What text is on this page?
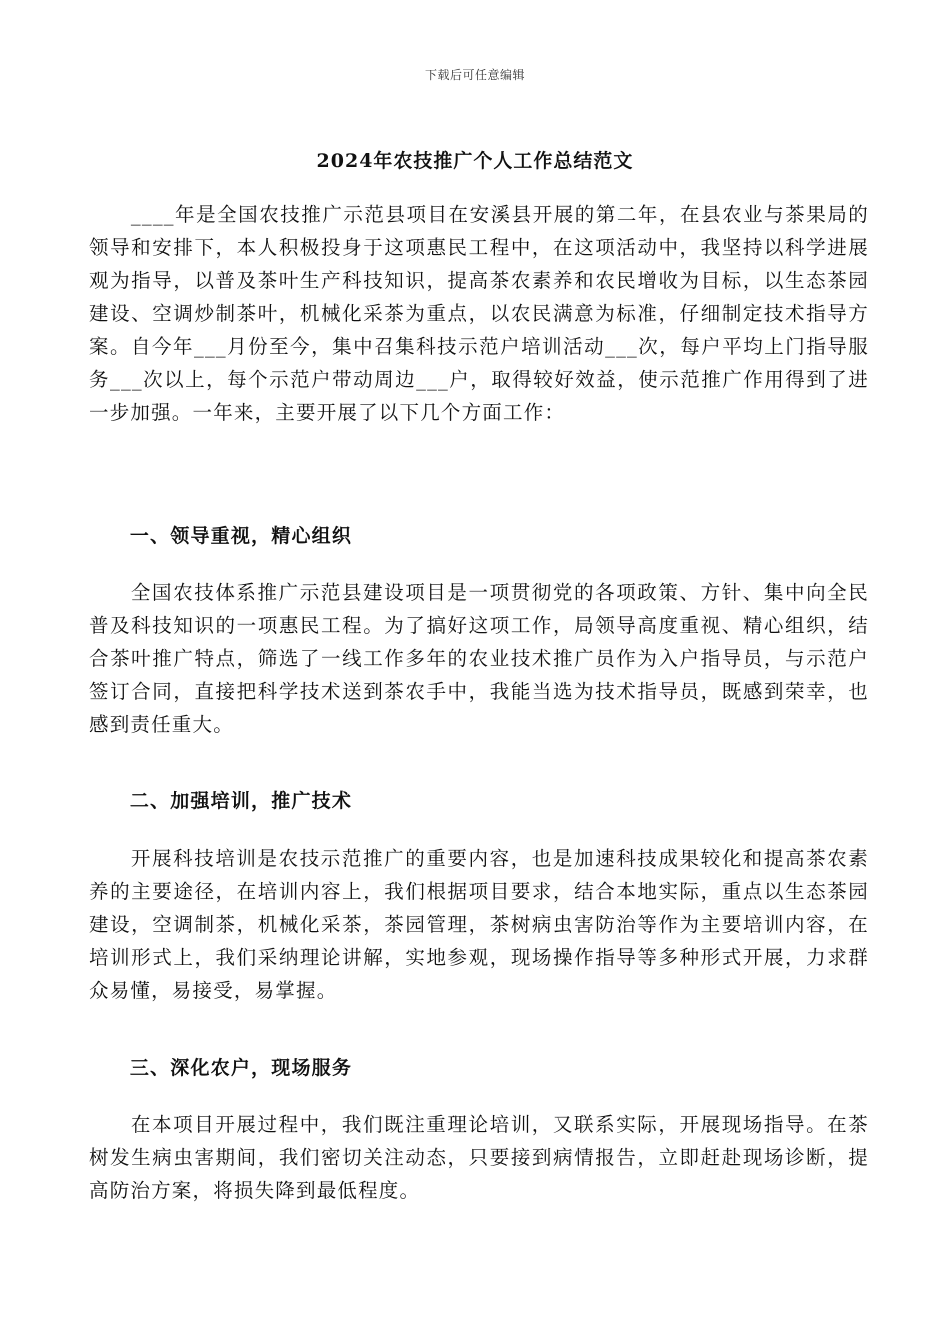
下载后可任意编辑
2024年农技推广个人工作总结范文

____年是全国农技推广示范县项目在安溪县开展的第二年，在县农业与茶果局的领导和安排下，本人积极投身于这项惠民工程中，在这项活动中，我坚持以科学进展观为指导，以普及茶叶生产科技知识，提高茶农素养和农民增收为目标，以生态茶园建设、空调炒制茶叶，机械化采茶为重点，以农民满意为标准，仔细制定技术指导方案。自今年___月份至今，集中召集科技示范户培训活动___次，每户平均上门指导服务___次以上，每个示范户带动周边___户，取得较好效益，使示范推广作用得到了进一步加强。一年来，主要开展了以下几个方面工作：

一、领导重视，精心组织

全国农技体系推广示范县建设项目是一项贯彻党的各项政策、方针、集中向全民普及科技知识的一项惠民工程。为了搞好这项工作，局领导高度重视、精心组织，结合茶叶推广特点，筛选了一线工作多年的农业技术推广员作为入户指导员，与示范户签订合同，直接把科学技术送到茶农手中，我能当选为技术指导员，既感到荣幸，也感到责任重大。

二、加强培训，推广技术

开展科技培训是农技示范推广的重要内容，也是加速科技成果较化和提高茶农素养的主要途径，在培训内容上，我们根据项目要求，结合本地实际，重点以生态茶园建设，空调制茶，机械化采茶，茶园管理，茶树病虫害防治等作为主要培训内容，在培训形式上，我们采纳理论讲解，实地参观，现场操作指导等多种形式开展，力求群众易懂，易接受，易掌握。

三、深化农户，现场服务

在本项目开展过程中，我们既注重理论培训，又联系实际，开展现场指导。在茶树发生病虫害期间，我们密切关注动态，只要接到病情报告，立即赶赴现场诊断，提高防治方案，将损失降到最低程度。
